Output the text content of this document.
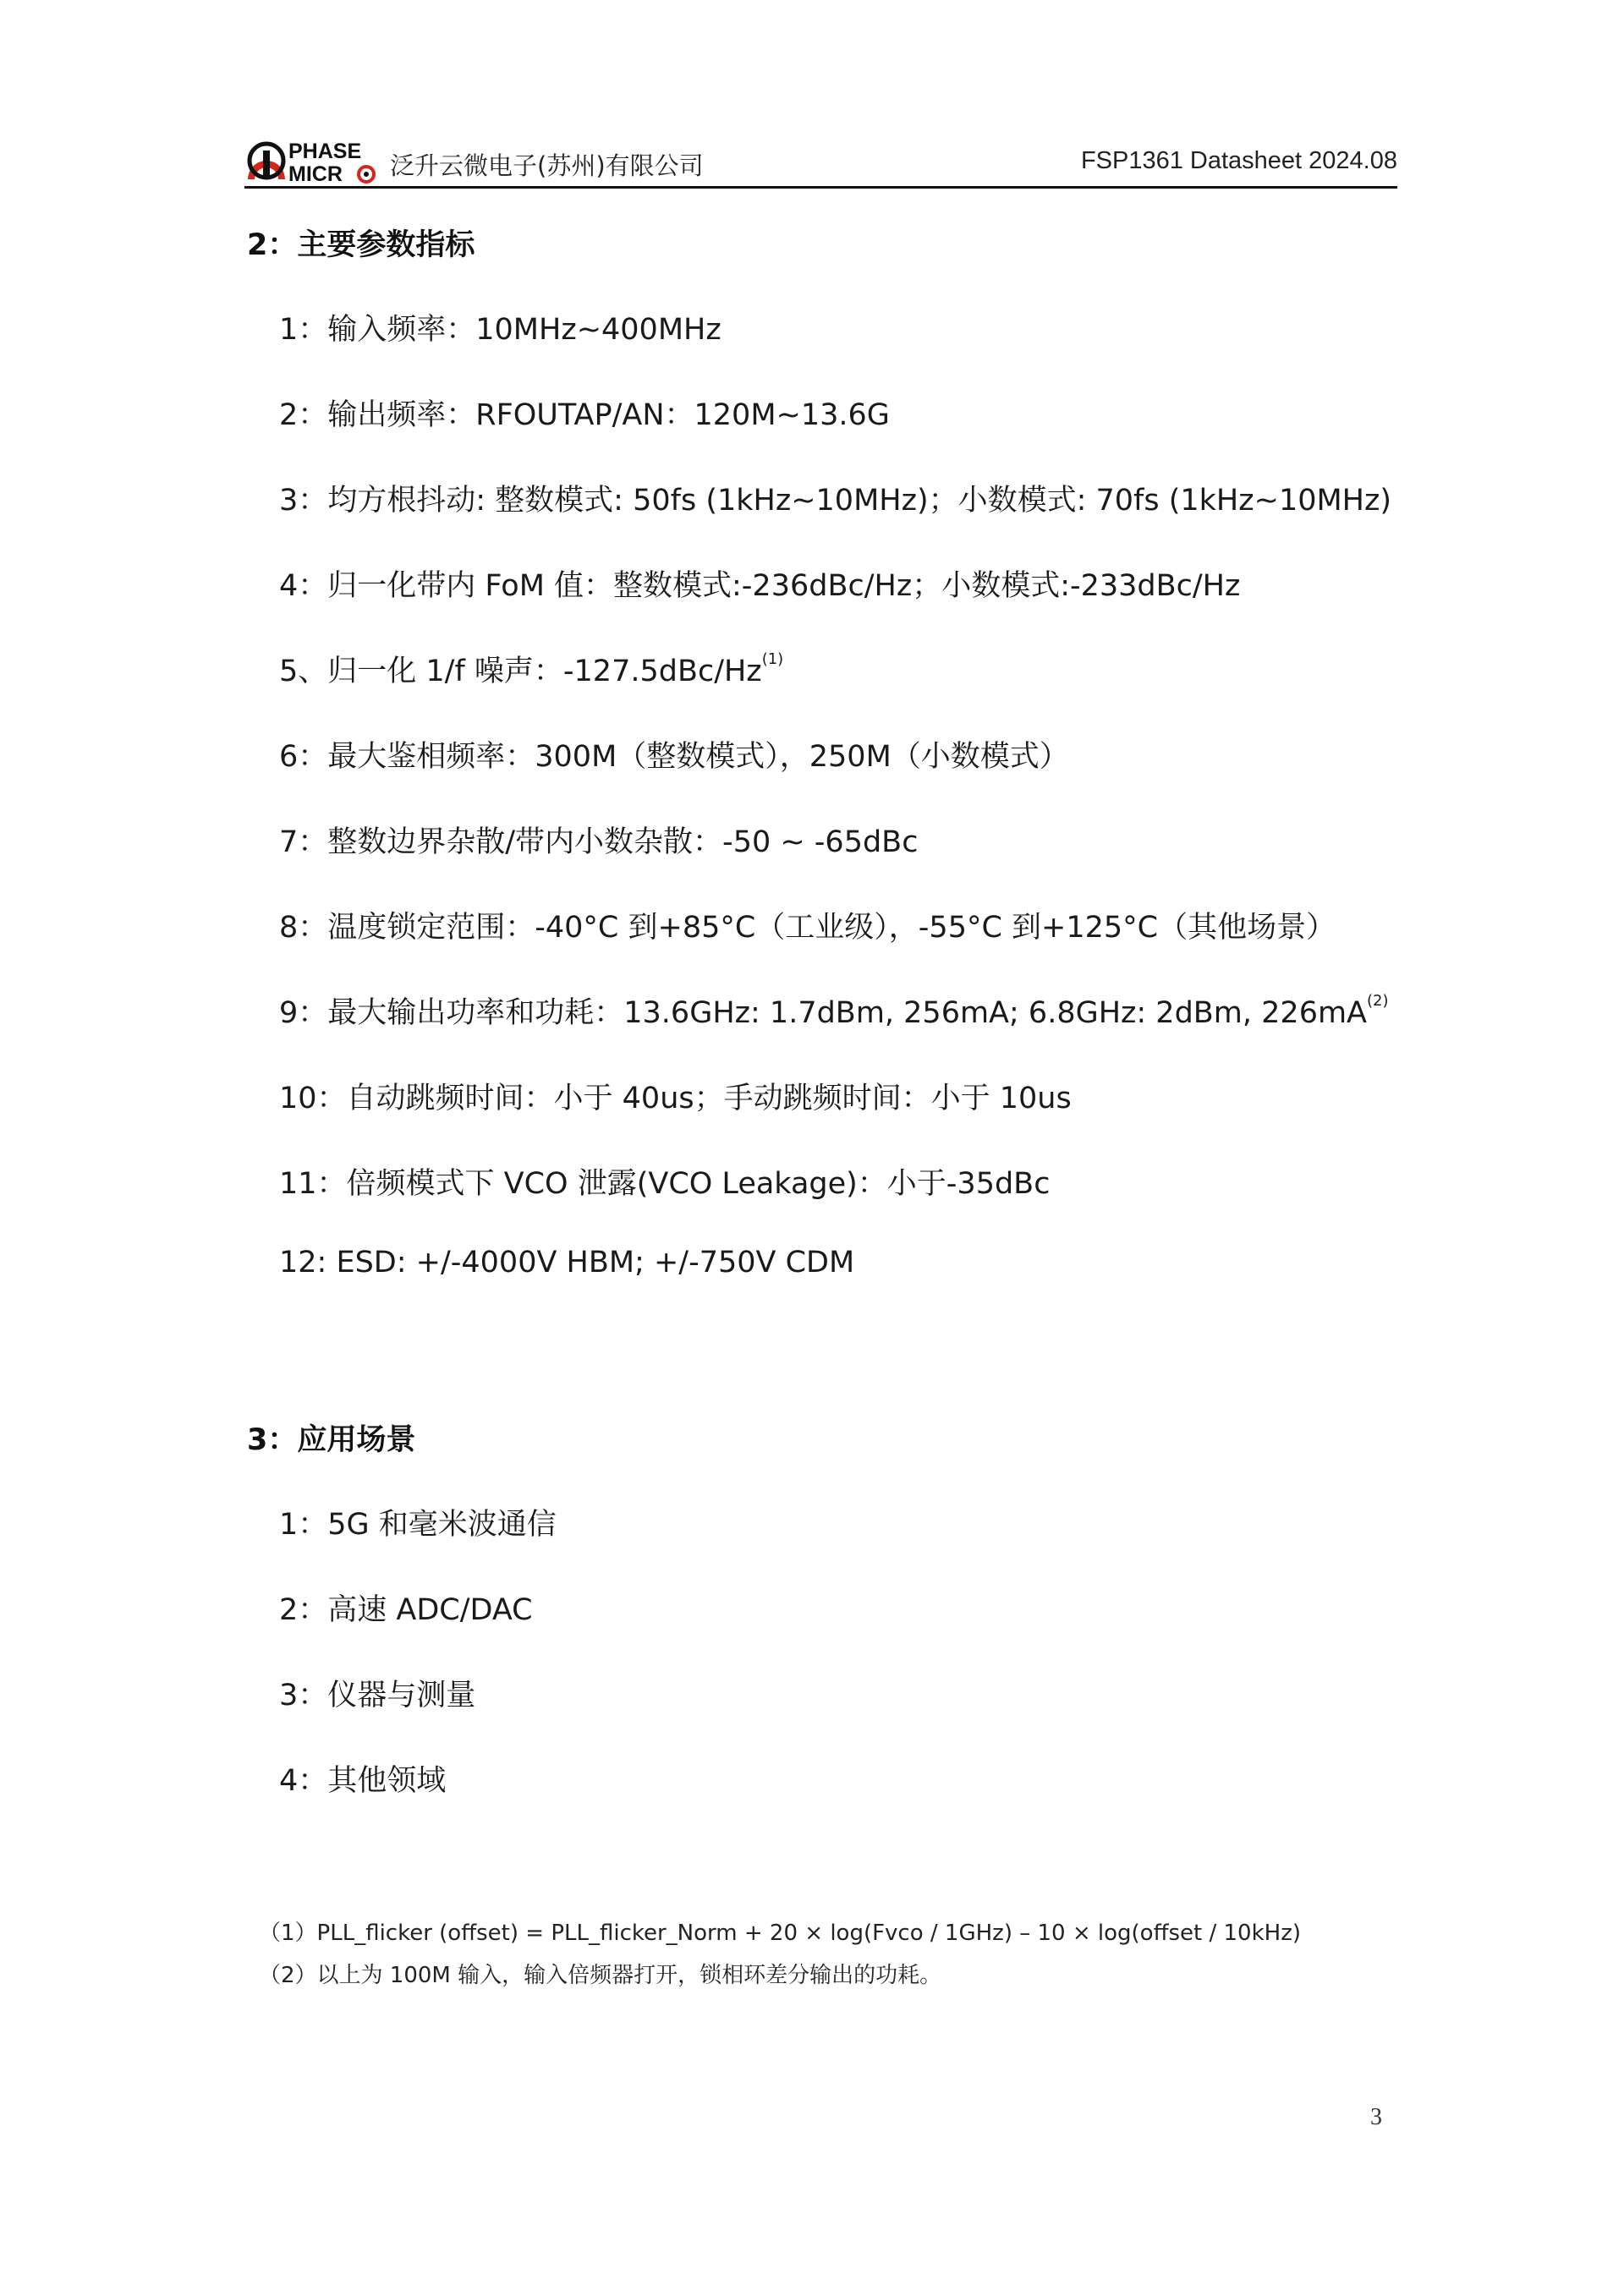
PHASE
MICR 泛升云微电子(苏州)有限公司	FSP1361 Datasheet 2024.08
2：主要参数指标
1：输入频率：10MHz~400MHz
2：输出频率：RFOUTAP/AN：120M~13.6G
3：均方根抖动: 整数模式: 50fs (1kHz~10MHz)；小数模式: 70fs (1kHz~10MHz)
4：归一化带内 FoM 值：整数模式:-236dBc/Hz；小数模式:-233dBc/Hz
5、归一化 1/f 噪声：-127.5dBc/Hz$^{(1)}$
6：最大鉴相频率：300M（整数模式），250M（小数模式）
7：整数边界杂散/带内小数杂散：-50 ~ -65dBc
8：温度锁定范围：-40°C 到+85°C（工业级），-55°C 到+125°C（其他场景）
9：最大输出功率和功耗：13.6GHz: 1.7dBm, 256mA; 6.8GHz: 2dBm, $226mA^{(2)}$
10：自动跳频时间：小于 40us；手动跳频时间：小于 10us
11：倍频模式下 VCO 泄露(VCO Leakage)：小于-35dBc
12: ESD: +/-4000V HBM; +/-750V CDM
3：应用场景
1：5G 和毫米波通信
2：高速 ADC/DAC
3：仪器与测量
4：其他领域
（1）PLL_flicker (offset) = PLL_flicker_Norm + 20 × log(Fvco / 1GHz) – 10 × log(offset / 10kHz)
（2）以上为 100M 输入，输入倍频器打开，锁相环差分输出的功耗。
3
